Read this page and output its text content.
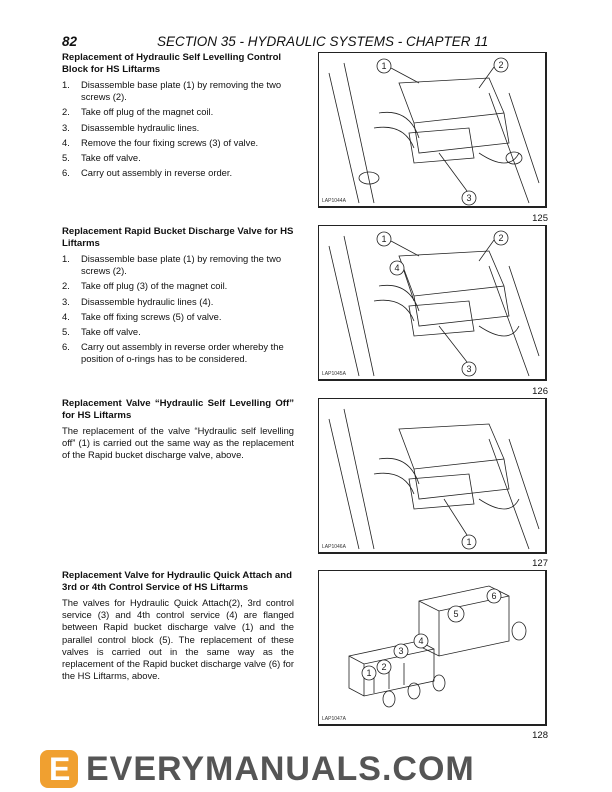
82	SECTION 35 - HYDRAULIC SYSTEMS - CHAPTER 11
Replacement of Hydraulic Self Levelling Control Block for HS Liftarms
1. Disassemble base plate (1) by removing the two screws (2).
2. Take off plug of the magnet coil.
3. Disassemble hydraulic lines.
4. Remove the four fixing screws (3) of valve.
5. Take off valve.
6. Carry out assembly in reverse order.
Replacement Rapid Bucket Discharge Valve for HS Liftarms
1. Disassemble base plate (1) by removing the two screws (2).
2. Take off plug (3) of the magnet coil.
3. Disassemble hydraulic lines (4).
4. Take off fixing screws (5) of valve.
5. Take off valve.
6. Carry out assembly in reverse order whereby the position of o-rings has to be considered.
Replacement Valve “Hydraulic Self Levelling Off” for HS Liftarms

The replacement of the valve “Hydraulic self levelling off” (1) is carried out the same way as the replacement of the Rapid bucket discharge valve, above.

Replacement Valve for Hydraulic Quick Attach and 3rd or 4th Control Service of HS Liftarms

The valves for Hydraulic Quick Attach(2), 3rd control service (3) and 4th control service (4) are flanged between Rapid bucket discharge valve (1) and the parallel control block (5). The replacement of these valves is carried out in the same way as the replacement of the Rapid bucket discharge valve (6) for the HS Liftarms, above.

1	2
3
LAP1044A
125
1	2
4
3
LAP1045A
126
1
LAP1046A
127
1
2
3
4
5
6
LAP1047A
128
E EVERYMANUALS.COM
